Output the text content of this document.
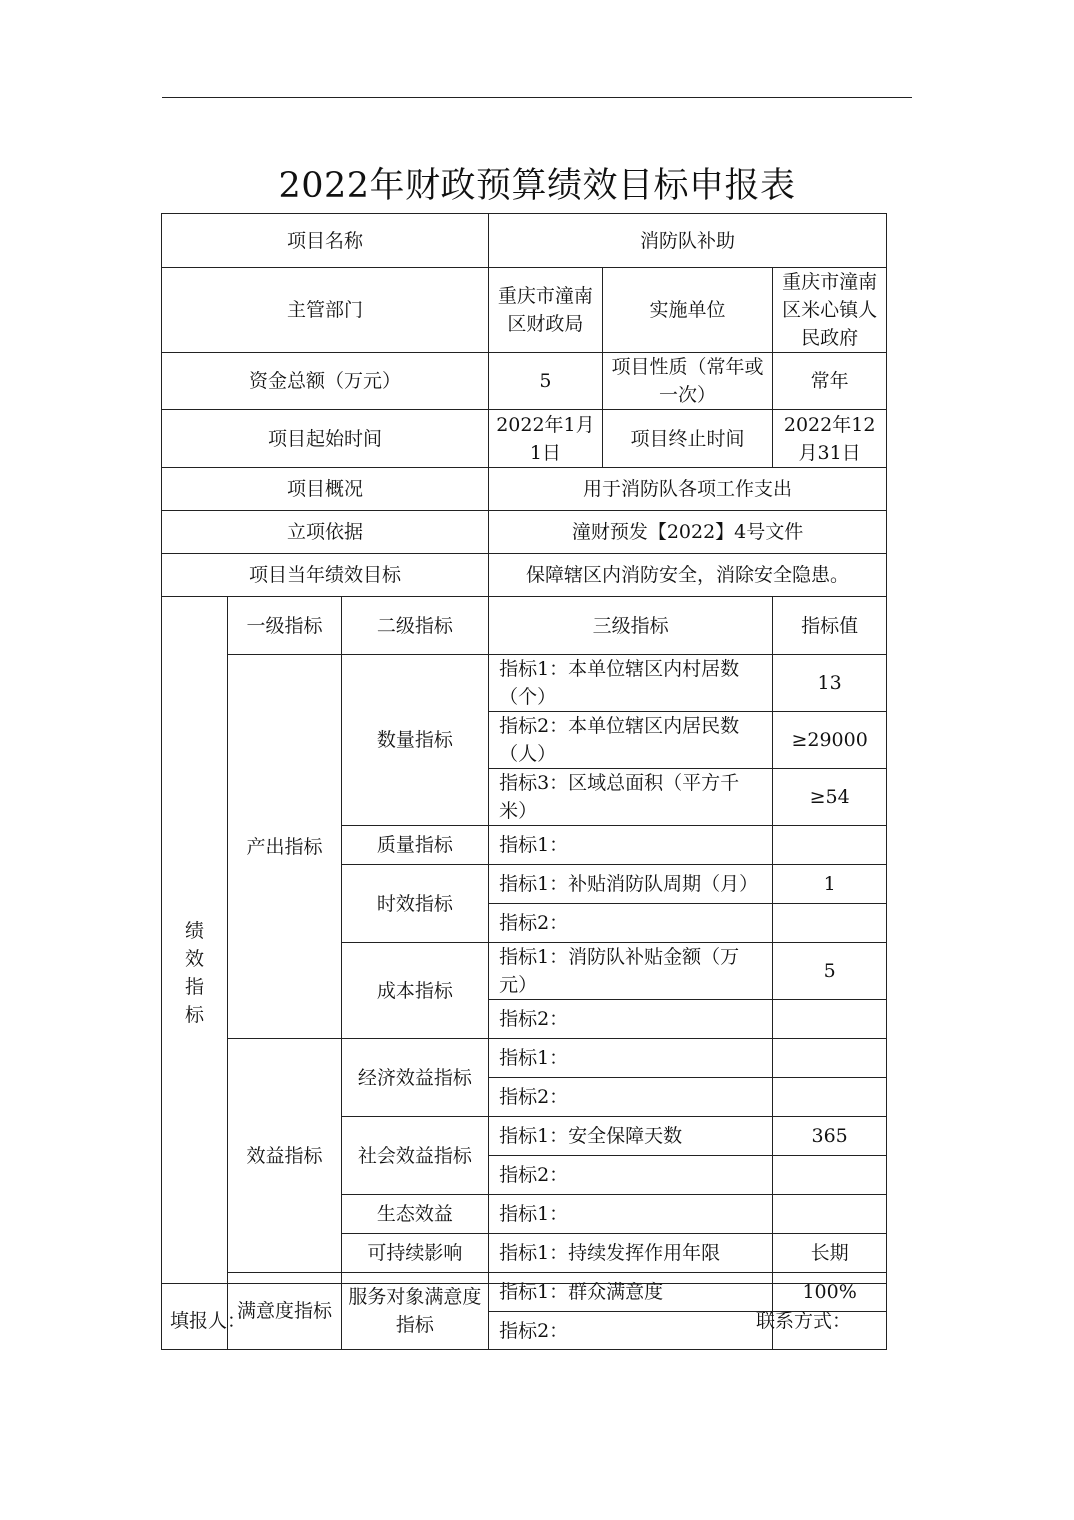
2022年财政预算绩效目标申报表
项目名称			消防队补助		
主管部门			重庆市潼南区财政局	实施单位	重庆市潼南区米心镇人民政府
资金总额（万元）			5	项目性质（常年或一次）	常年
项目起始时间			2022年1月1日	项目终止时间	2022年12月31日
项目概况			用于消防队各项工作支出		
立项依据			潼财预发【2022】4号文件		
项目当年绩效目标			保障辖区内消防安全，消除安全隐患。		
绩效指标	一级指标	二级指标	三级指标		指标值
	产出指标	数量指标	指标1：本单位辖区内村居数（个）		13
			指标2：本单位辖区内居民数（人）		≥29000
			指标3：区域总面积（平方千米）		≥54
		质量指标	指标1：		
		时效指标	指标1：补贴消防队周期（月）		1
			指标2：		
		成本指标	指标1：消防队补贴金额（万元）		5
			指标2：		
	效益指标	经济效益指标	指标1：		
			指标2：		
		社会效益指标	指标1：安全保障天数		365
			指标2：		
		生态效益	指标1：		
		可持续影响	指标1：持续发挥作用年限		长期
	满意度指标	服务对象满意度指标	指标1：群众满意度		100%
			指标2：		
填报人：	联系方式：
